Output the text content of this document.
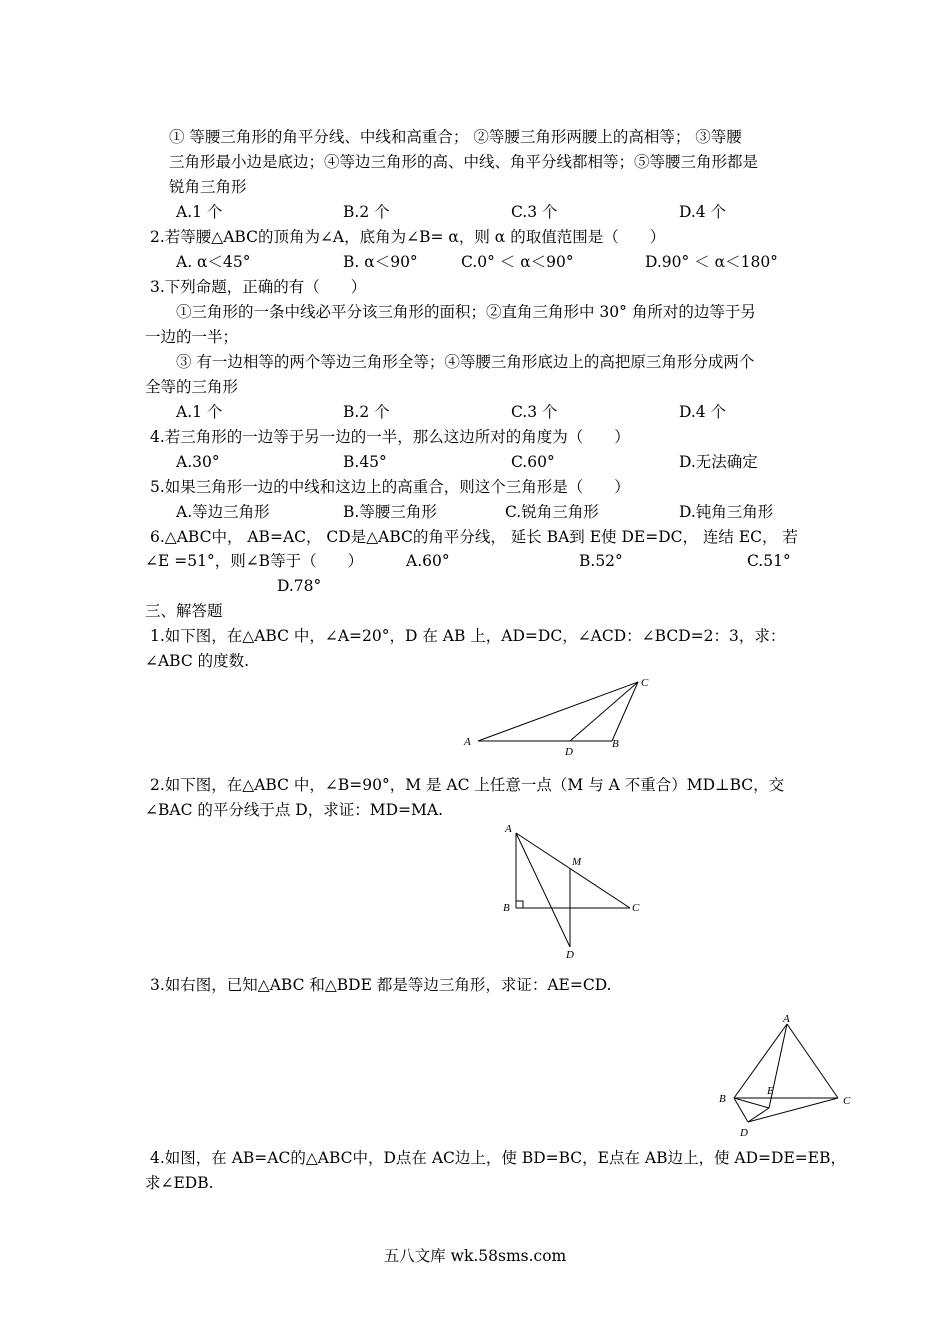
① 等腰三角形的角平分线、中线和高重合； ②等腰三角形两腰上的高相等； ③等腰
三角形最小边是底边；④等边三角形的高、中线、角平分线都相等；⑤等腰三角形都是
锐角三角形
A.1 个	B.2 个	C.3 个	D.4 个
2.若等腰△ABC的顶角为∠A，底角为∠B= α，则 α 的取值范围是（　　）
A. α＜45°	B. α＜90°	C.0° ＜ α＜90°	D.90° ＜ α＜180°
3.下列命题，正确的有（　　）
①三角形的一条中线必平分该三角形的面积；②直角三角形中 30° 角所对的边等于另
一边的一半；
③ 有一边相等的两个等边三角形全等；④等腰三角形底边上的高把原三角形分成两个
全等的三角形
A.1 个	B.2 个	C.3 个	D.4 个
4.若三角形的一边等于另一边的一半，那么这边所对的角度为（　　）
A.30°	B.45°	C.60°	D.无法确定
5.如果三角形一边的中线和这边上的高重合，则这个三角形是（　　）
A.等边三角形	B.等腰三角形	C.锐角三角形	D.钝角三角形
6.△ABC中， AB=AC， CD是△ABC的角平分线， 延长 BA到 E使 DE=DC， 连结 EC， 若
∠E =51°，则∠B等于（　　）	A.60°	B.52°	C.51°
D.78°
三、解答题
1.如下图，在△ABC 中，∠A=20°，D 在 AB 上，AD=DC，∠ACD：∠BCD=2：3，求：
∠ABC 的度数.
A
D
B
C
2.如下图，在△ABC 中，∠B=90°，M 是 AC 上任意一点（M 与 A 不重合）MD⊥BC，交
∠BAC 的平分线于点 D，求证：MD=MA.
A
B	C
M
D
3.如右图，已知△ABC 和△BDE 都是等边三角形，求证：AE=CD.
A
B	C
D
E
4.如图，在 AB=AC的△ABC中，D点在 AC边上，使 BD=BC，E点在 AB边上，使 AD=DE=EB，
求∠EDB.
五八文库 wk.58sms.com
